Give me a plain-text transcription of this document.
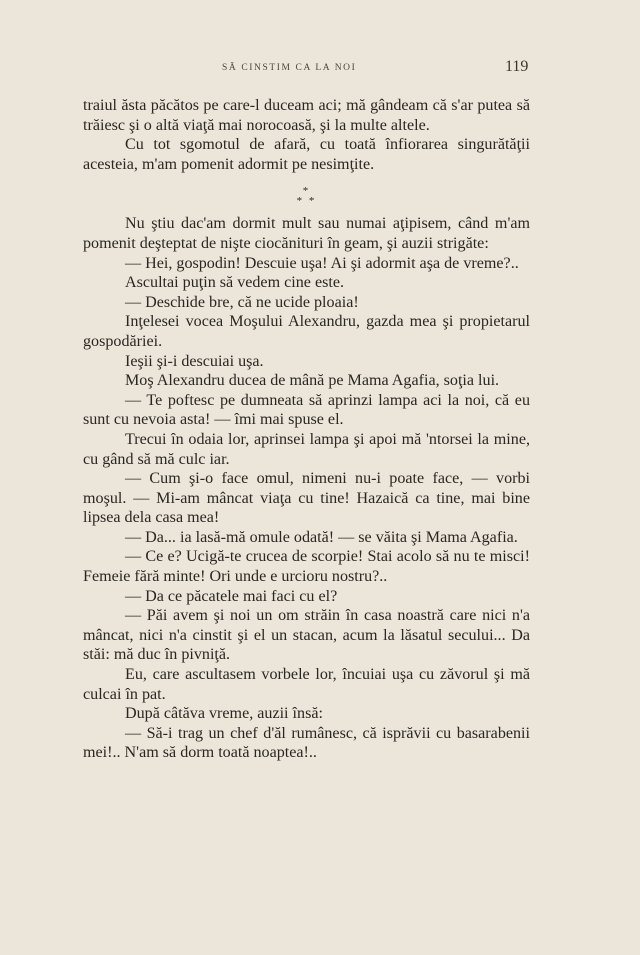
SĂ CINSTIM CA LA NOI	119

traiul ăsta păcătos pe care-l duceam aci; mă gândeam că s'ar putea să trăiesc şi o altă viaţă mai norocoasă, şi la multe altele.

Cu tot sgomotul de afară, cu toată înfiorarea singurătăţii acesteia, m'am pomenit adormit pe nesimţite.

*
* *

Nu ştiu dac'am dormit mult sau numai aţipisem, când m'am pomenit deşteptat de nişte ciocănituri în geam, şi auzii strigăte:

— Hei, gospodin! Descuie uşa! Ai şi adormit aşa de vreme?..

Ascultai puţin să vedem cine este.

— Deschide bre, că ne ucide ploaia!

Inţelesei vocea Moşului Alexandru, gazda mea şi propietarul gospodăriei.

Ieşii şi-i descuiai uşa.

Moş Alexandru ducea de mână pe Mama Agafia, soţia lui.

— Te poftesc pe dumneata să aprinzi lampa aci la noi, că eu sunt cu nevoia asta! — îmi mai spuse el.

Trecui în odaia lor, aprinsei lampa şi apoi mă 'ntorsei la mine, cu gând să mă culc iar.

— Cum şi-o face omul, nimeni nu-i poate face, — vorbi moşul. — Mi-am mâncat viaţa cu tine! Hazaică ca tine, mai bine lipsea dela casa mea!

— Da... ia lasă-mă omule odată! — se văita şi Mama Agafia.

— Ce e? Ucigă-te crucea de scorpie! Stai acolo să nu te misci! Femeie fără minte! Ori unde e urcioru nostru?..

— Da ce păcatele mai faci cu el?

— Păi avem şi noi un om străin în casa noastră care nici n'a mâncat, nici n'a cinstit şi el un stacan, acum la lăsatul secului... Da stăi: mă duc în pivniţă.

Eu, care ascultasem vorbele lor, încuiai uşa cu zăvorul şi mă culcai în pat.

După câtăva vreme, auzii însă:

— Să-i trag un chef d'ăl rumânesc, că isprăvii cu basarabenii mei!.. N'am să dorm toată noaptea!..
